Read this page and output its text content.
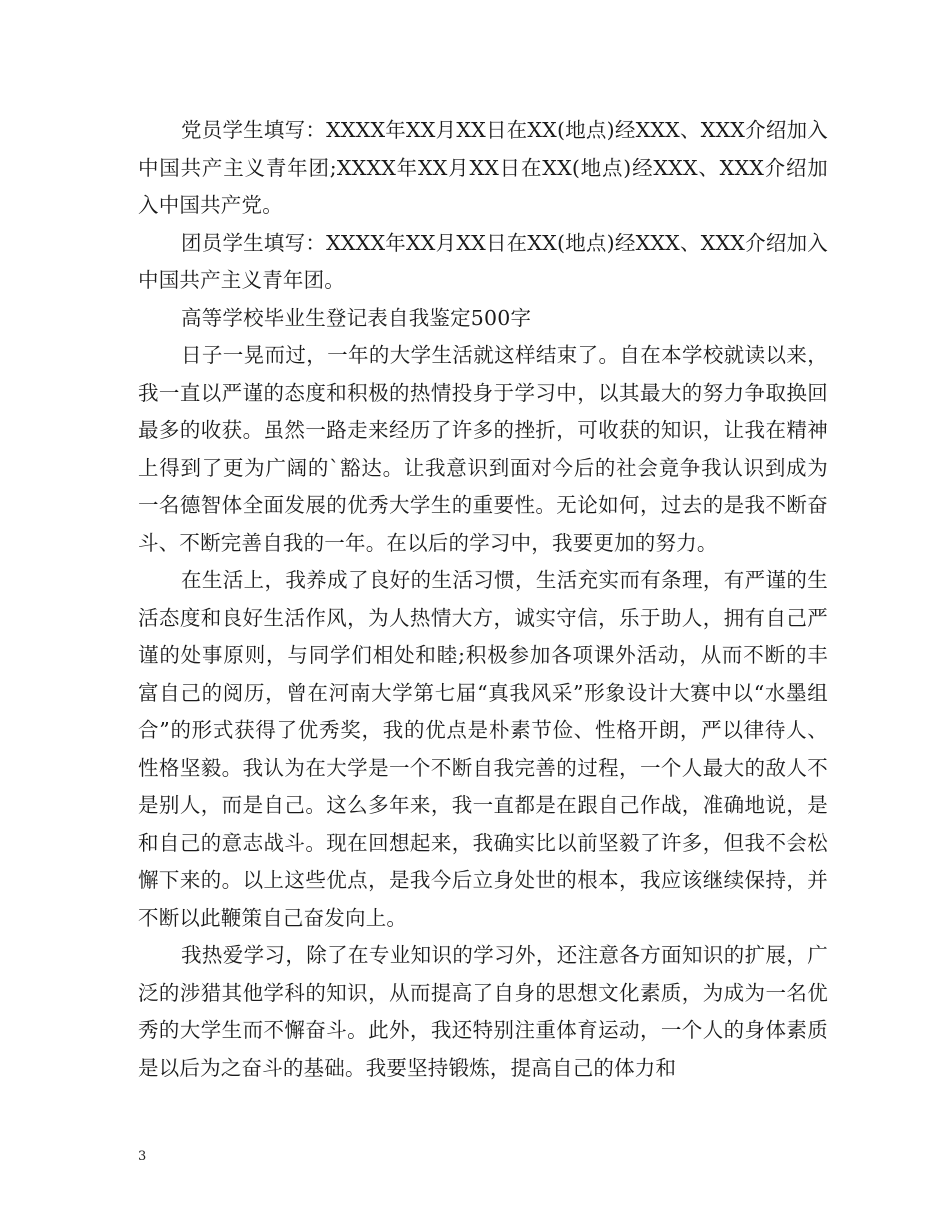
党员学生填写：XXXX年XX月XX日在XX(地点)经XXX、XXX介绍加入中国共产主义青年团;XXXX年XX月XX日在XX(地点)经XXX、XXX介绍加入中国共产党。

团员学生填写：XXXX年XX月XX日在XX(地点)经XXX、XXX介绍加入中国共产主义青年团。

高等学校毕业生登记表自我鉴定500字

日子一晃而过，一年的大学生活就这样结束了。自在本学校就读以来，我一直以严谨的态度和积极的热情投身于学习中，以其最大的努力争取换回最多的收获。虽然一路走来经历了许多的挫折，可收获的知识，让我在精神上得到了更为广阔的`豁达。让我意识到面对今后的社会竟争我认识到成为一名德智体全面发展的优秀大学生的重要性。无论如何，过去的是我不断奋斗、不断完善自我的一年。在以后的学习中，我要更加的努力。

在生活上，我养成了良好的生活习惯，生活充实而有条理，有严谨的生活态度和良好生活作风，为人热情大方，诚实守信，乐于助人，拥有自己严谨的处事原则，与同学们相处和睦;积极参加各项课外活动，从而不断的丰富自己的阅历，曾在河南大学第七届“真我风采”形象设计大赛中以“水墨组合”的形式获得了优秀奖，我的优点是朴素节俭、性格开朗，严以律待人、性格坚毅。我认为在大学是一个不断自我完善的过程，一个人最大的敌人不是别人，而是自己。这么多年来，我一直都是在跟自己作战，准确地说，是和自己的意志战斗。现在回想起来，我确实比以前坚毅了许多，但我不会松懈下来的。以上这些优点，是我今后立身处世的根本，我应该继续保持，并不断以此鞭策自己奋发向上。

我热爱学习，除了在专业知识的学习外，还注意各方面知识的扩展，广泛的涉猎其他学科的知识，从而提高了自身的思想文化素质，为成为一名优秀的大学生而不懈奋斗。此外，我还特别注重体育运动，一个人的身体素质是以后为之奋斗的基础。我要坚持锻炼，提高自己的体力和

3
